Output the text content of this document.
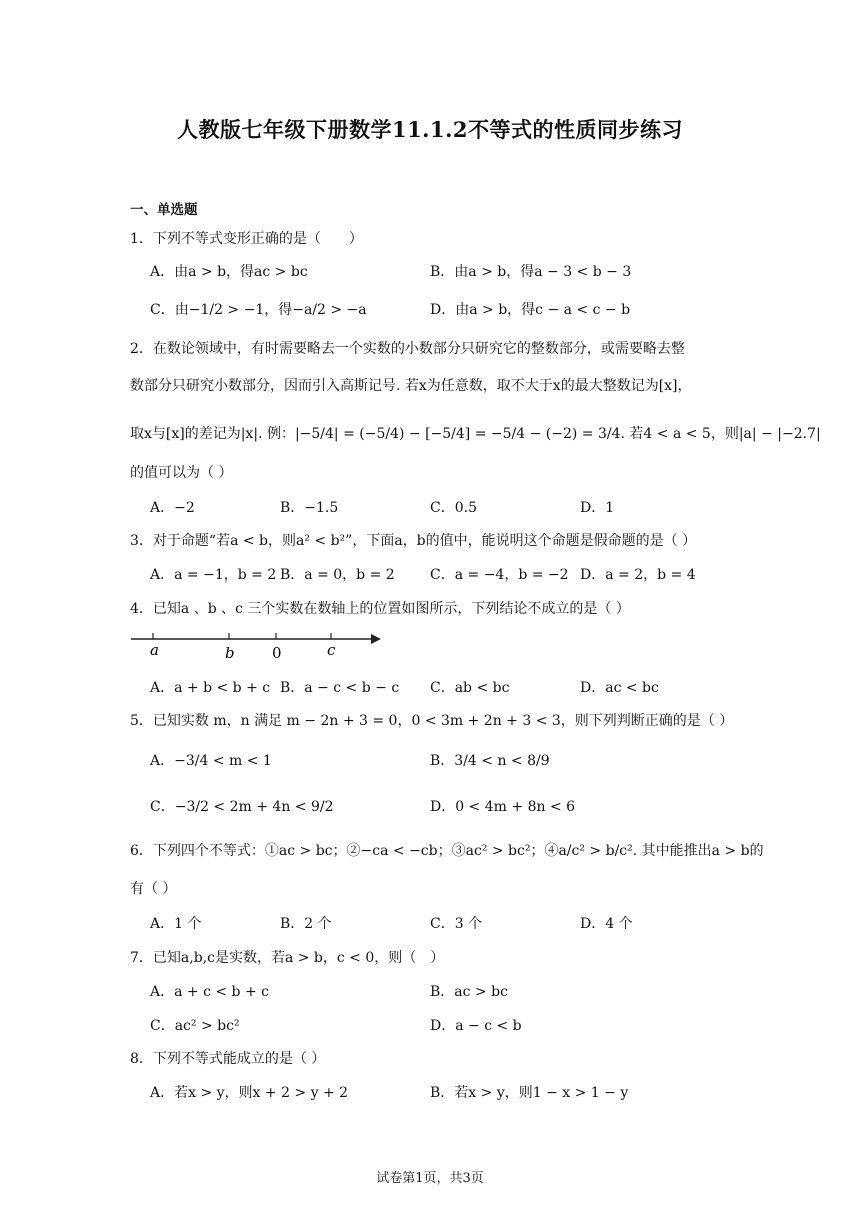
人教版七年级下册数学11.1.2不等式的性质同步练习
一、单选题
1．下列不等式变形正确的是（　　）
A．由a > b，得ac > bc	B．由a > b，得a − 3 < b − 3
C．由−1/2 > −1，得−a/2 > −a	D．由a > b，得c − a < c − b
2．在数论领域中，有时需要略去一个实数的小数部分只研究它的整数部分，或需要略去整
数部分只研究小数部分，因而引入高斯记号. 若x为任意数，取不大于x的最大整数记为[x]，
取x与[x]的差记为|x|. 例：|−5/4| = (−5/4) − [−5/4] = −5/4 − (−2) = 3/4. 若4 < a < 5，则|a| − |−2.7|
的值可以为（ ）
A．−2	B．−1.5	C．0.5	D．1
3．对于命题“若a < b，则a² < b²”，下面a，b的值中，能说明这个命题是假命题的是（ ）
A．a = −1，b = 2 B．a = 0，b = 2	C．a = −4，b = −2 D．a = 2，b = 4
4．已知a 、b 、c 三个实数在数轴上的位置如图所示，下列结论不成立的是（ ）
a	b 0	c
A．a + b < b + c B．a − c < b − c C．ab < bc	D．ac < bc
5．已知实数 m，n 满足 m − 2n + 3 = 0，0 < 3m + 2n + 3 < 3，则下列判断正确的是（ ）
A．−3/4 < m < 1	B．3/4 < n < 8/9
C．−3/2 < 2m + 4n < 9/2	D．0 < 4m + 8n < 6
6．下列四个不等式：①ac > bc；②−ca < −cb；③ac² > bc²；④a/c² > b/c². 其中能推出a > b的
有（ ）
A．1 个	B．2 个	C．3 个	D．4 个
7．已知a,b,c是实数，若a > b，c < 0，则（　）
A．a + c < b + c	B．ac > bc
C．ac² > bc²	D．a − c < b
8．下列不等式能成立的是（ ）
A．若x > y，则x + 2 > y + 2	B．若x > y，则1 − x > 1 − y
试卷第1页，共3页
